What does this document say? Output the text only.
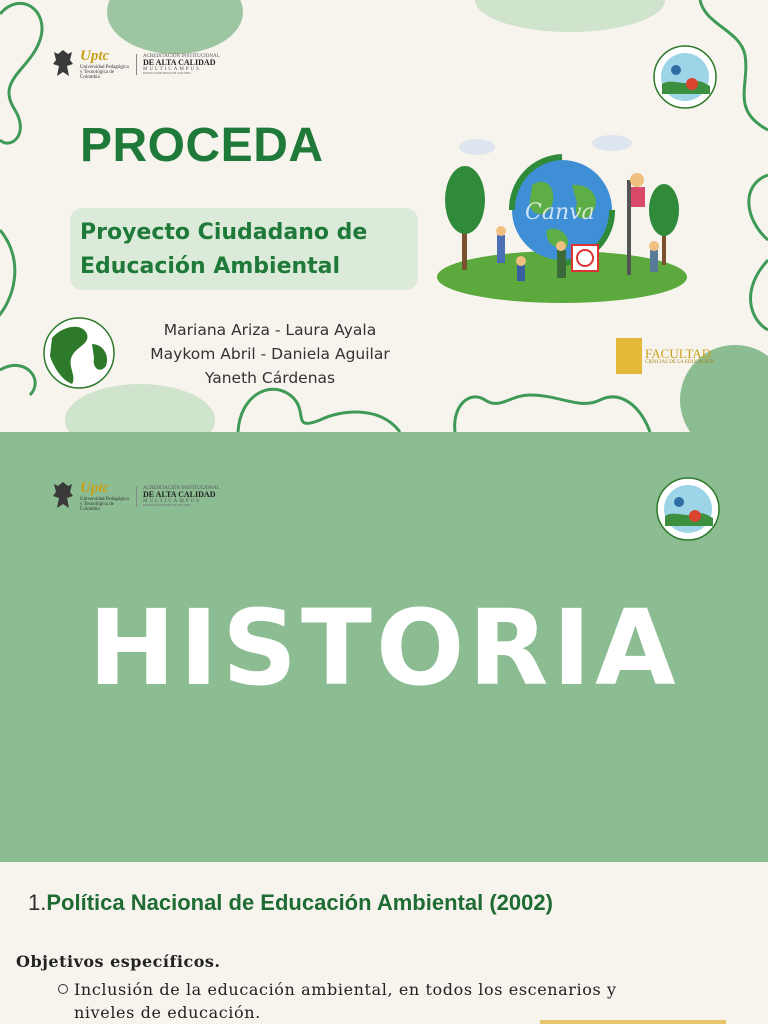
Uptc
Universidad Pedagógica y Tecnológica de Colombia
ACREDITACIÓN INSTITUCIONAL
DE ALTA CALIDAD
MULTICAMPUS
RESOLUCIÓN 003910 DE 2020 MEN
PROCEDA
Proyecto Ciudadano de Educación Ambiental
Mariana Ariza - Laura Ayala
Maykom Abril - Daniela Aguilar
Yaneth Cárdenas
Canva
FACULTAD
CIENCIAS DE LA EDUCACIÓN
Uptc
Universidad Pedagógica y Tecnológica de Colombia
ACREDITACIÓN INSTITUCIONAL
DE ALTA CALIDAD
MULTICAMPUS
RESOLUCIÓN 003910 DE 2020 MEN
HISTORIA
1.Política Nacional de Educación Ambiental (2002)
Objetivos específicos.
Inclusión de la educación ambiental, en todos los escenarios y niveles de educación.
